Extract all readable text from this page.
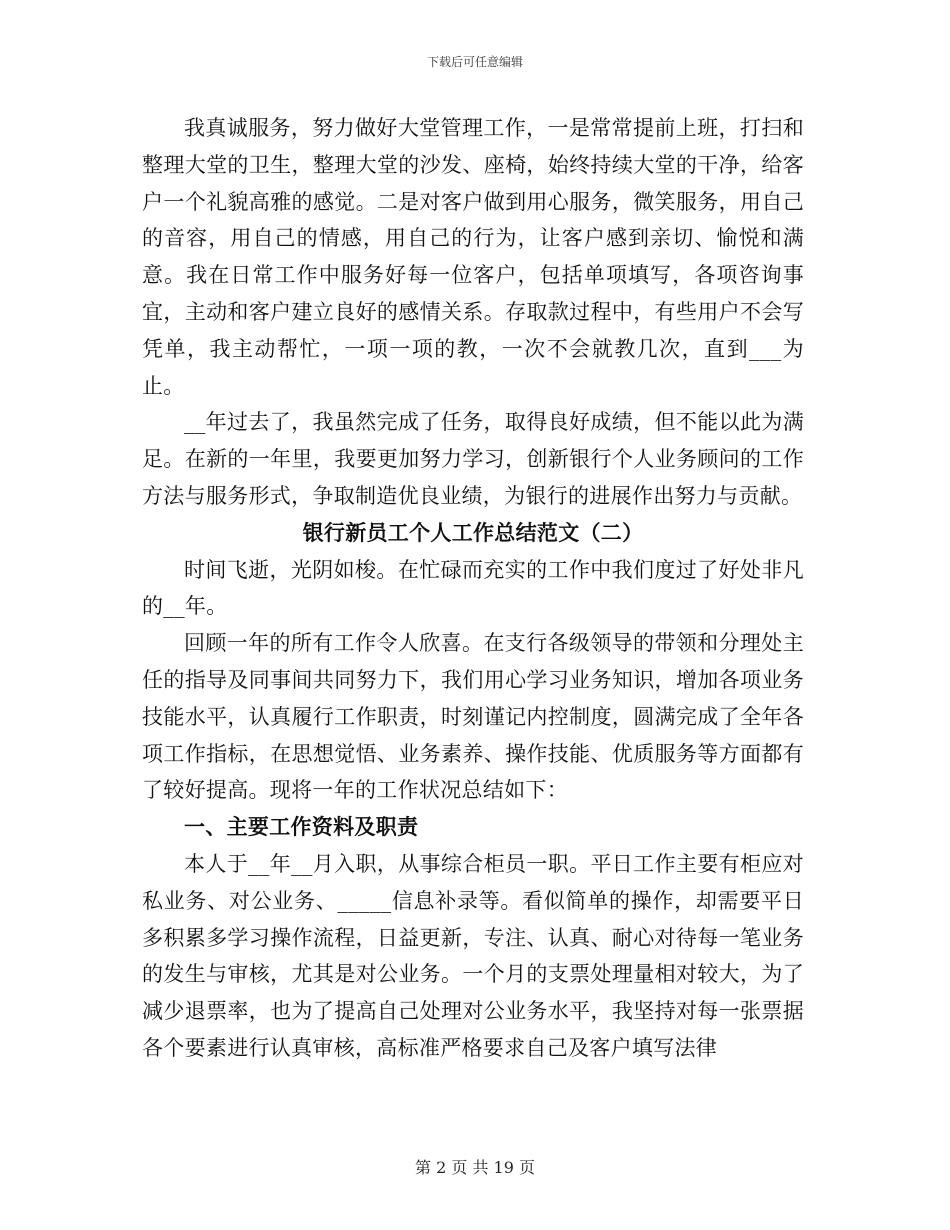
下载后可任意编辑

我真诚服务，努力做好大堂管理工作，一是常常提前上班，打扫和整理大堂的卫生，整理大堂的沙发、座椅，始终持续大堂的干净，给客户一个礼貌高雅的感觉。二是对客户做到用心服务，微笑服务，用自己的音容，用自己的情感，用自己的行为，让客户感到亲切、愉悦和满意。我在日常工作中服务好每一位客户，包括单项填写，各项咨询事宜，主动和客户建立良好的感情关系。存取款过程中，有些用户不会写凭单，我主动帮忙，一项一项的教，一次不会就教几次，直到___为止。

__年过去了，我虽然完成了任务，取得良好成绩，但不能以此为满足。在新的一年里，我要更加努力学习，创新银行个人业务顾问的工作方法与服务形式，争取制造优良业绩，为银行的进展作出努力与贡献。

银行新员工个人工作总结范文（二）

时间飞逝，光阴如梭。在忙碌而充实的工作中我们度过了好处非凡的__年。

回顾一年的所有工作令人欣喜。在支行各级领导的带领和分理处主任的指导及同事间共同努力下，我们用心学习业务知识，增加各项业务技能水平，认真履行工作职责，时刻谨记内控制度，圆满完成了全年各项工作指标，在思想觉悟、业务素养、操作技能、优质服务等方面都有了较好提高。现将一年的工作状况总结如下：

一、主要工作资料及职责

本人于__年__月入职，从事综合柜员一职。平日工作主要有柜应对私业务、对公业务、_____信息补录等。看似简单的操作，却需要平日多积累多学习操作流程，日益更新，专注、认真、耐心对待每一笔业务的发生与审核，尤其是对公业务。一个月的支票处理量相对较大，为了减少退票率，也为了提高自己处理对公业务水平，我坚持对每一张票据各个要素进行认真审核，高标准严格要求自己及客户填写法律

第 2 页 共 19 页
